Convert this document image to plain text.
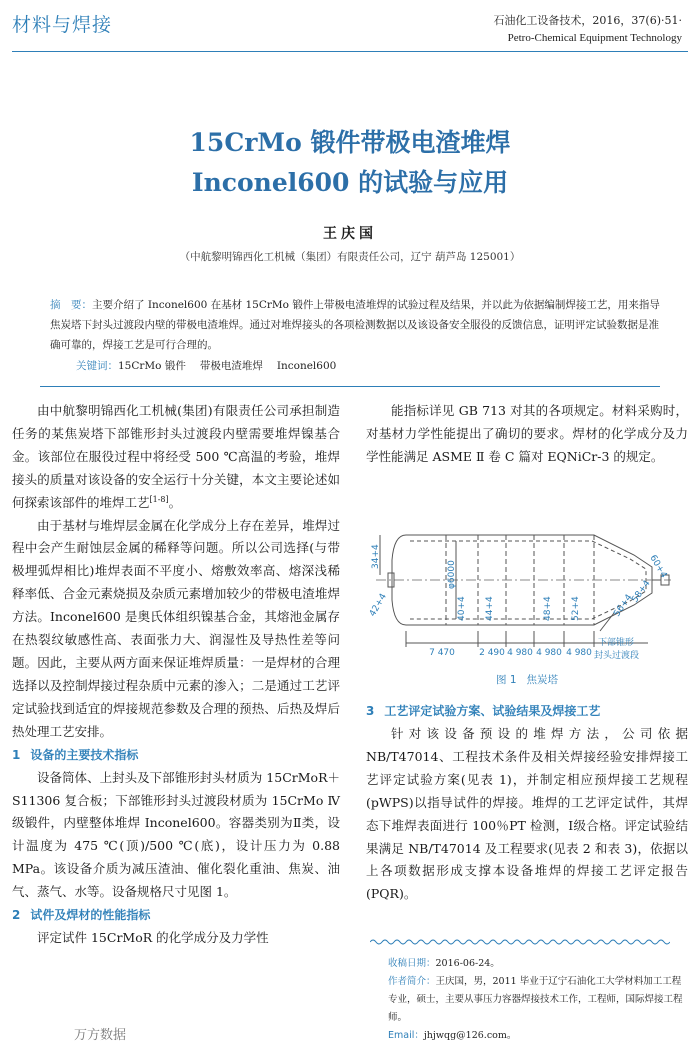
材料与焊接	石油化工设备技术，2016，37(6)·51·
Petro-Chemical Equipment Technology
15CrMo 锻件带极电渣堆焊
Inconel600 的试验与应用
王庆国
（中航黎明锦西化工机械（集团）有限责任公司，辽宁 葫芦岛 125001）
摘　要：主要介绍了 Inconel600 在基材 15CrMo 锻件上带极电渣堆焊的试验过程及结果，并以此为依据编制焊接工艺，用来指导焦炭塔下封头过渡段内壁的带极电渣堆焊。通过对堆焊接头的各项检测数据以及该设备安全服役的反馈信息，证明评定试验数据是准确可靠的，焊接工艺是可行合理的。
关键词：15CrMo 锻件 带极电渣堆焊 Inconel600

由中航黎明锦西化工机械(集团)有限责任公司承担制造任务的某焦炭塔下部锥形封头过渡段内壁需要堆焊镍基合金。该部位在服役过程中将经受 500 ℃高温的考验，堆焊接头的质量对该设备的安全运行十分关键，本文主要论述如何探索该部件的堆焊工艺[1-8]。

由于基材与堆焊层金属在化学成分上存在差异，堆焊过程中会产生耐蚀层金属的稀释等问题。所以公司选择(与带极埋弧焊相比)堆焊表面不平度小、熔敷效率高、熔深浅稀释率低、合金元素烧损及杂质元素增加较少的带极电渣堆焊方法。Inconel600 是奥氏体组织镍基合金，其熔池金属存在热裂纹敏感性高、表面张力大、润湿性及导热性差等问题。因此，主要从两方面来保证堆焊质量：一是焊材的合理选择以及控制焊接过程杂质中元素的渗入；二是通过工艺评定试验找到适宜的焊接规范参数及合理的预热、后热及焊后热处理工艺安排。

1 设备的主要技术指标

设备筒体、上封头及下部锥形封头材质为 15CrMoR＋S11306 复合板；下部锥形封头过渡段材质为 15CrMo Ⅳ 级锻件，内壁整体堆焊 Inconel600。容器类别为Ⅱ类，设计温度为 475 ℃(顶)/500 ℃(底)，设计压力为 0.88 MPa。该设备介质为减压渣油、催化裂化重油、焦炭、油气、蒸气、水等。设备规格尺寸见图 1。

2 试件及焊材的性能指标

评定试件 15CrMoR 的化学成分及力学性

能指标详见 GB 713 对其的各项规定。材料采购时，对基材力学性能提出了确切的要求。焊材的化学成分及力学性能满足 ASME Ⅱ 卷 C 篇对 EQNiCr-3 的规定。

7 470	2 490 4 980 4 980 4 980
40+4 44+4	48+4 52+4
φ6000
34+4
42+4	56+4
60+4
58+4
下部锥形
封头过渡段
图 1 焦炭塔
3 工艺评定试验方案、试验结果及焊接工艺

针对该设备预设的堆焊方法，公司依据 NB/T47014、工程技术条件及相关焊接经验安排焊接工艺评定试验方案(见表 1)，并制定相应预焊接工艺规程(pWPS)以指导试件的焊接。堆焊的工艺评定试件，其焊态下堆焊表面进行 100％PT 检测，Ⅰ级合格。评定试验结果满足 NB/T47014 及工程要求(见表 2 和表 3)，依据以上各项数据形成支撑本设备堆焊的焊接工艺评定报告(PQR)。

收稿日期：2016-06-24。
作者简介：王庆国，男，2011 毕业于辽宁石油化工大学材料加工工程专业，硕士，主要从事压力容器焊接技术工作，工程师，国际焊接工程师。
Email：jhjwqg@126.com。
万方数据
